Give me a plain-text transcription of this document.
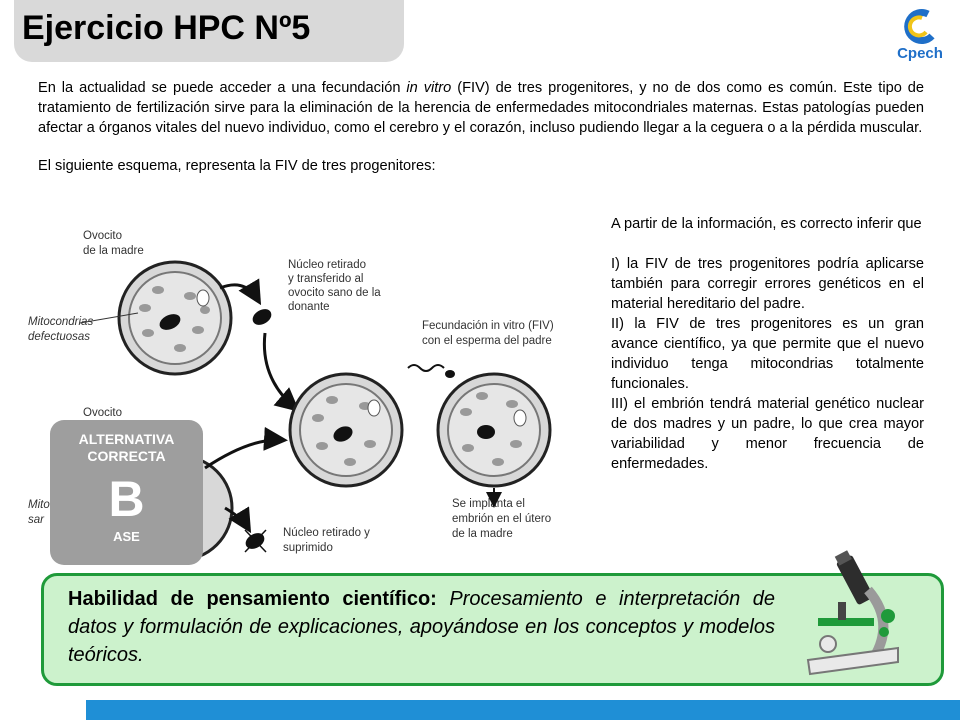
Ejercicio HPC Nº5
Cpech

En la actualidad se puede acceder a una fecundación in vitro (FIV) de tres progenitores, y no de dos como es común. Este tipo de tratamiento de fertilización sirve para la eliminación de la herencia de enfermedades mitocondriales maternas. Estas patologías pueden afectar a órganos vitales del nuevo individuo, como el cerebro y el corazón, incluso pudiendo llegar a la ceguera o a la pérdida muscular.

El siguiente esquema, representa la FIV de tres progenitores:

Ovocito
de la madre
Mitocondrias
defectuosas
Núcleo retirado
y transferido al
ovocito sano de la
donante
Fecundación in vitro (FIV)
con el esperma del padre
Ovocito
Mito
sar
Núcleo retirado y
suprimido
Se implanta el
embrión en el útero
de la madre

A partir de la información, es correcto inferir que

I) la FIV de tres progenitores podría aplicarse también para corregir errores genéticos en el material hereditario del padre.

II) la FIV de tres progenitores es un gran avance científico, ya que permite que el nuevo individuo tenga mitocondrias totalmente funcionales.

III) el embrión tendrá material genético nuclear de dos madres y un padre, lo que crea mayor variabilidad y menor frecuencia de enfermedades.

ALTERNATIVA
CORRECTA
B
ASE
Habilidad de pensamiento científico: Procesamiento e interpretación de datos y formulación de explicaciones, apoyándose en los conceptos y modelos teóricos.
